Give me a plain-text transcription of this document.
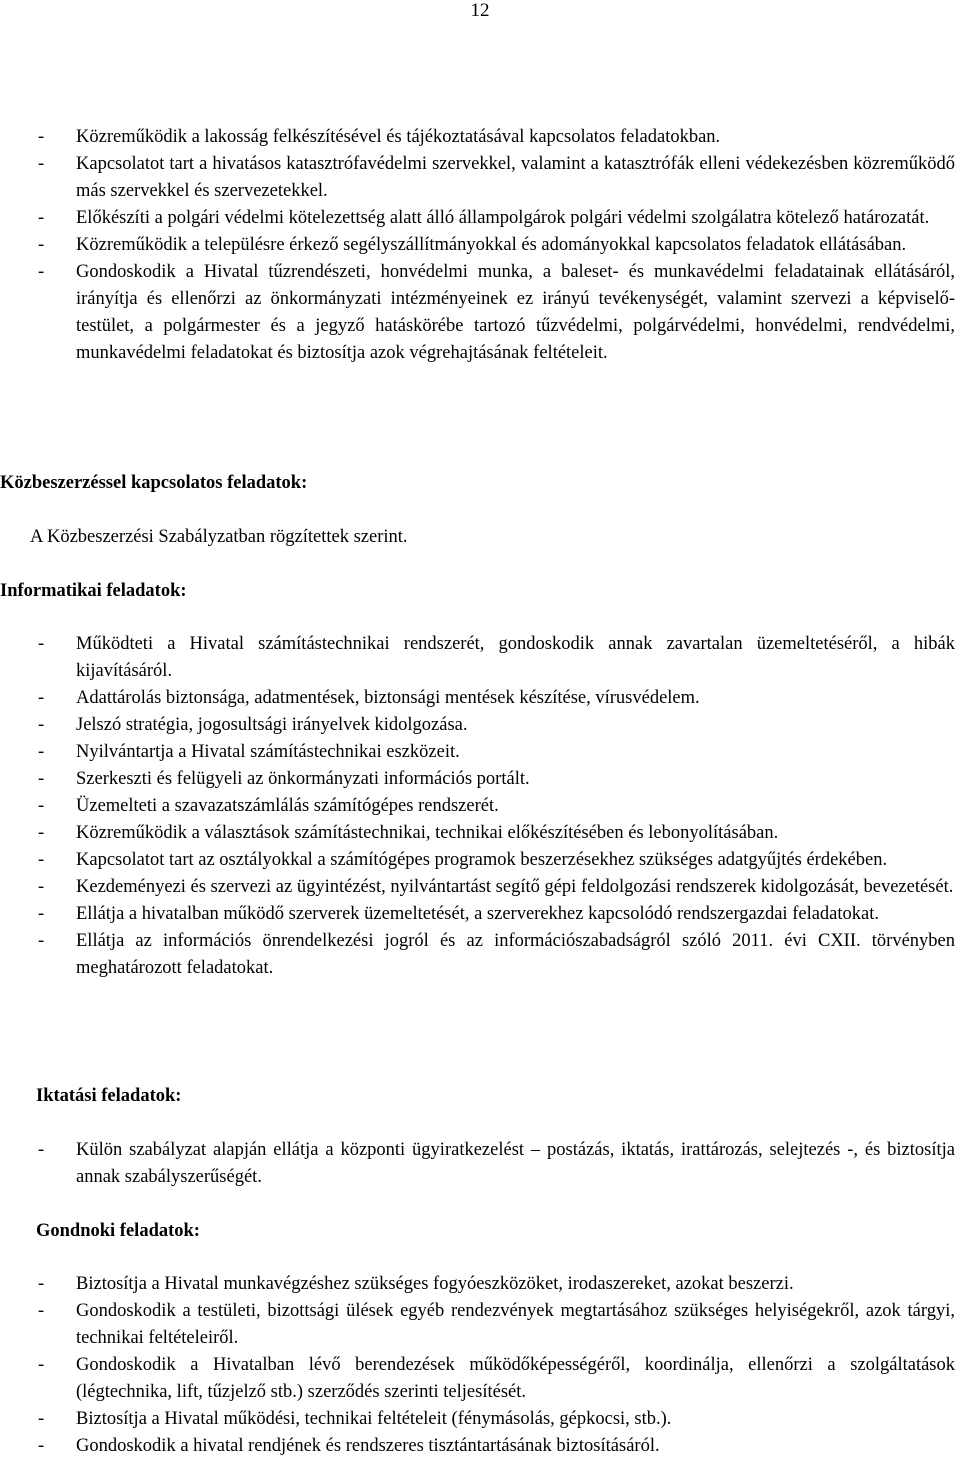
12
- Közreműködik a lakosság felkészítésével és tájékoztatásával kapcsolatos feladatokban.
- Kapcsolatot tart a hivatásos katasztrófavédelmi szervekkel, valamint a katasztrófák elleni védekezésben közreműködő más szervekkel és szervezetekkel.
- Előkészíti a polgári védelmi kötelezettség alatt álló állampolgárok polgári védelmi szolgálatra kötelező határozatát.
- Közreműködik a településre érkező segélyszállítmányokkal és adományokkal kapcsolatos feladatok ellátásában.
- Gondoskodik a Hivatal tűzrendészeti, honvédelmi munka, a baleset- és munkavédelmi feladatainak ellátásáról, irányítja és ellenőrzi az önkormányzati intézményeinek ez irányú tevékenységét, valamint szervezi a képviselő-testület, a polgármester és a jegyző hatáskörébe tartozó tűzvédelmi, polgárvédelmi, honvédelmi, rendvédelmi, munkavédelmi feladatokat és biztosítja azok végrehajtásának feltételeit.
Közbeszerzéssel kapcsolatos feladatok:
A Közbeszerzési Szabályzatban rögzítettek szerint.
Informatikai feladatok:
- Működteti a Hivatal számítástechnikai rendszerét, gondoskodik annak zavartalan üzemeltetéséről, a hibák kijavításáról.
- Adattárolás biztonsága, adatmentések, biztonsági mentések készítése, vírusvédelem.
- Jelszó stratégia, jogosultsági irányelvek kidolgozása.
- Nyilvántartja a Hivatal számítástechnikai eszközeit.
- Szerkeszti és felügyeli az önkormányzati információs portált.
- Üzemelteti a szavazatszámlálás számítógépes rendszerét.
- Közreműködik a választások számítástechnikai, technikai előkészítésében és lebonyolításában.
- Kapcsolatot tart az osztályokkal a számítógépes programok beszerzésekhez szükséges adatgyűjtés érdekében.
- Kezdeményezi és szervezi az ügyintézést, nyilvántartást segítő gépi feldolgozási rendszerek kidolgozását, bevezetését.
- Ellátja a hivatalban működő szerverek üzemeltetését, a szerverekhez kapcsolódó rendszergazdai feladatokat.
- Ellátja az információs önrendelkezési jogról és az információszabadságról szóló 2011. évi CXII. törvényben meghatározott feladatokat.
Iktatási feladatok:
- Külön szabályzat alapján ellátja a központi ügyiratkezelést – postázás, iktatás, irattározás, selejtezés -, és biztosítja annak szabályszerűségét.
Gondnoki feladatok:
- Biztosítja a Hivatal munkavégzéshez szükséges fogyóeszközöket, irodaszereket, azokat beszerzi.
- Gondoskodik a testületi, bizottsági ülések egyéb rendezvények megtartásához szükséges helyiségekről, azok tárgyi, technikai feltételeiről.
- Gondoskodik a Hivatalban lévő berendezések működőképességéről, koordinálja, ellenőrzi a szolgáltatások (légtechnika, lift, tűzjelző stb.) szerződés szerinti teljesítését.
- Biztosítja a Hivatal működési, technikai feltételeit (fénymásolás, gépkocsi, stb.).
- Gondoskodik a hivatal rendjének és rendszeres tisztántartásának biztosításáról.
